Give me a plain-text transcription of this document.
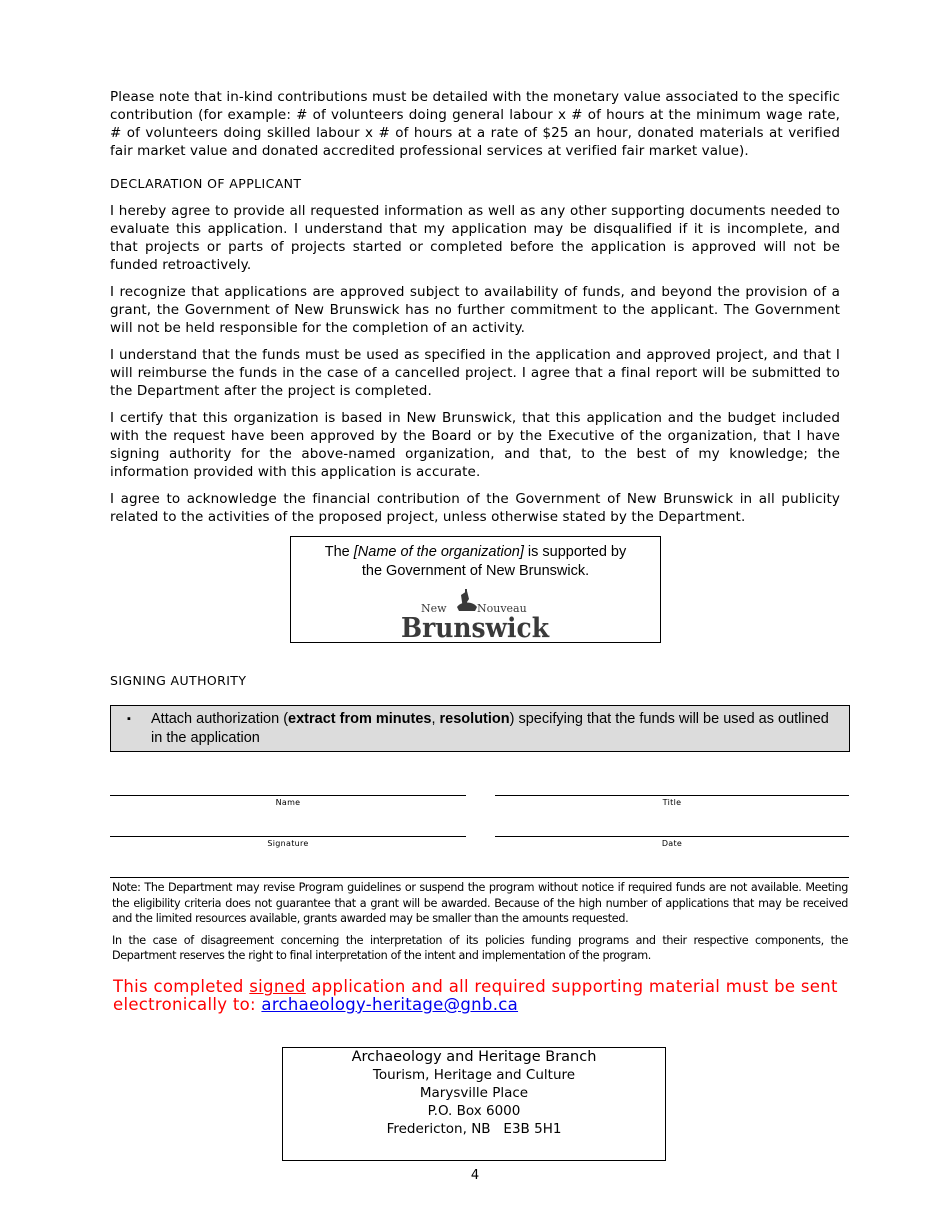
Please note that in-kind contributions must be detailed with the monetary value associated to the specific contribution (for example: # of volunteers doing general labour x # of hours at the minimum wage rate, # of volunteers doing skilled labour x # of hours at a rate of $25 an hour, donated materials at verified fair market value and donated accredited professional services at verified fair market value).

DECLARATION OF APPLICANT

I hereby agree to provide all requested information as well as any other supporting documents needed to evaluate this application. I understand that my application may be disqualified if it is incomplete, and that projects or parts of projects started or completed before the application is approved will not be funded retroactively.

I recognize that applications are approved subject to availability of funds, and beyond the provision of a grant, the Government of New Brunswick has no further commitment to the applicant. The Government will not be held responsible for the completion of an activity.

I understand that the funds must be used as specified in the application and approved project, and that I will reimburse the funds in the case of a cancelled project. I agree that a final report will be submitted to the Department after the project is completed.

I certify that this organization is based in New Brunswick, that this application and the budget included with the request have been approved by the Board or by the Executive of the organization, that I have signing authority for the above-named organization, and that, to the best of my knowledge; the information provided with this application is accurate.

I agree to acknowledge the financial contribution of the Government of New Brunswick in all publicity related to the activities of the proposed project, unless otherwise stated by the Department.

The [Name of the organization] is supported by
the Government of New Brunswick.
New	Nouveau
Brunswick
SIGNING AUTHORITY
▪ Attach authorization (extract from minutes, resolution) specifying that the funds will be used as outlined in the application
Name	Title
Signature	Date

Note: The Department may revise Program guidelines or suspend the program without notice if required funds are not available. Meeting the eligibility criteria does not guarantee that a grant will be awarded. Because of the high number of applications that may be received and the limited resources available, grants awarded may be smaller than the amounts requested.

In the case of disagreement concerning the interpretation of its policies funding programs and their respective components, the Department reserves the right to final interpretation of the intent and implementation of the program.

This completed signed application and all required supporting material must be sent electronically to: archaeology-heritage@gnb.ca
Archaeology and Heritage Branch
Tourism, Heritage and Culture
Marysville Place
P.O. Box 6000
Fredericton, NB   E3B 5H1
4
